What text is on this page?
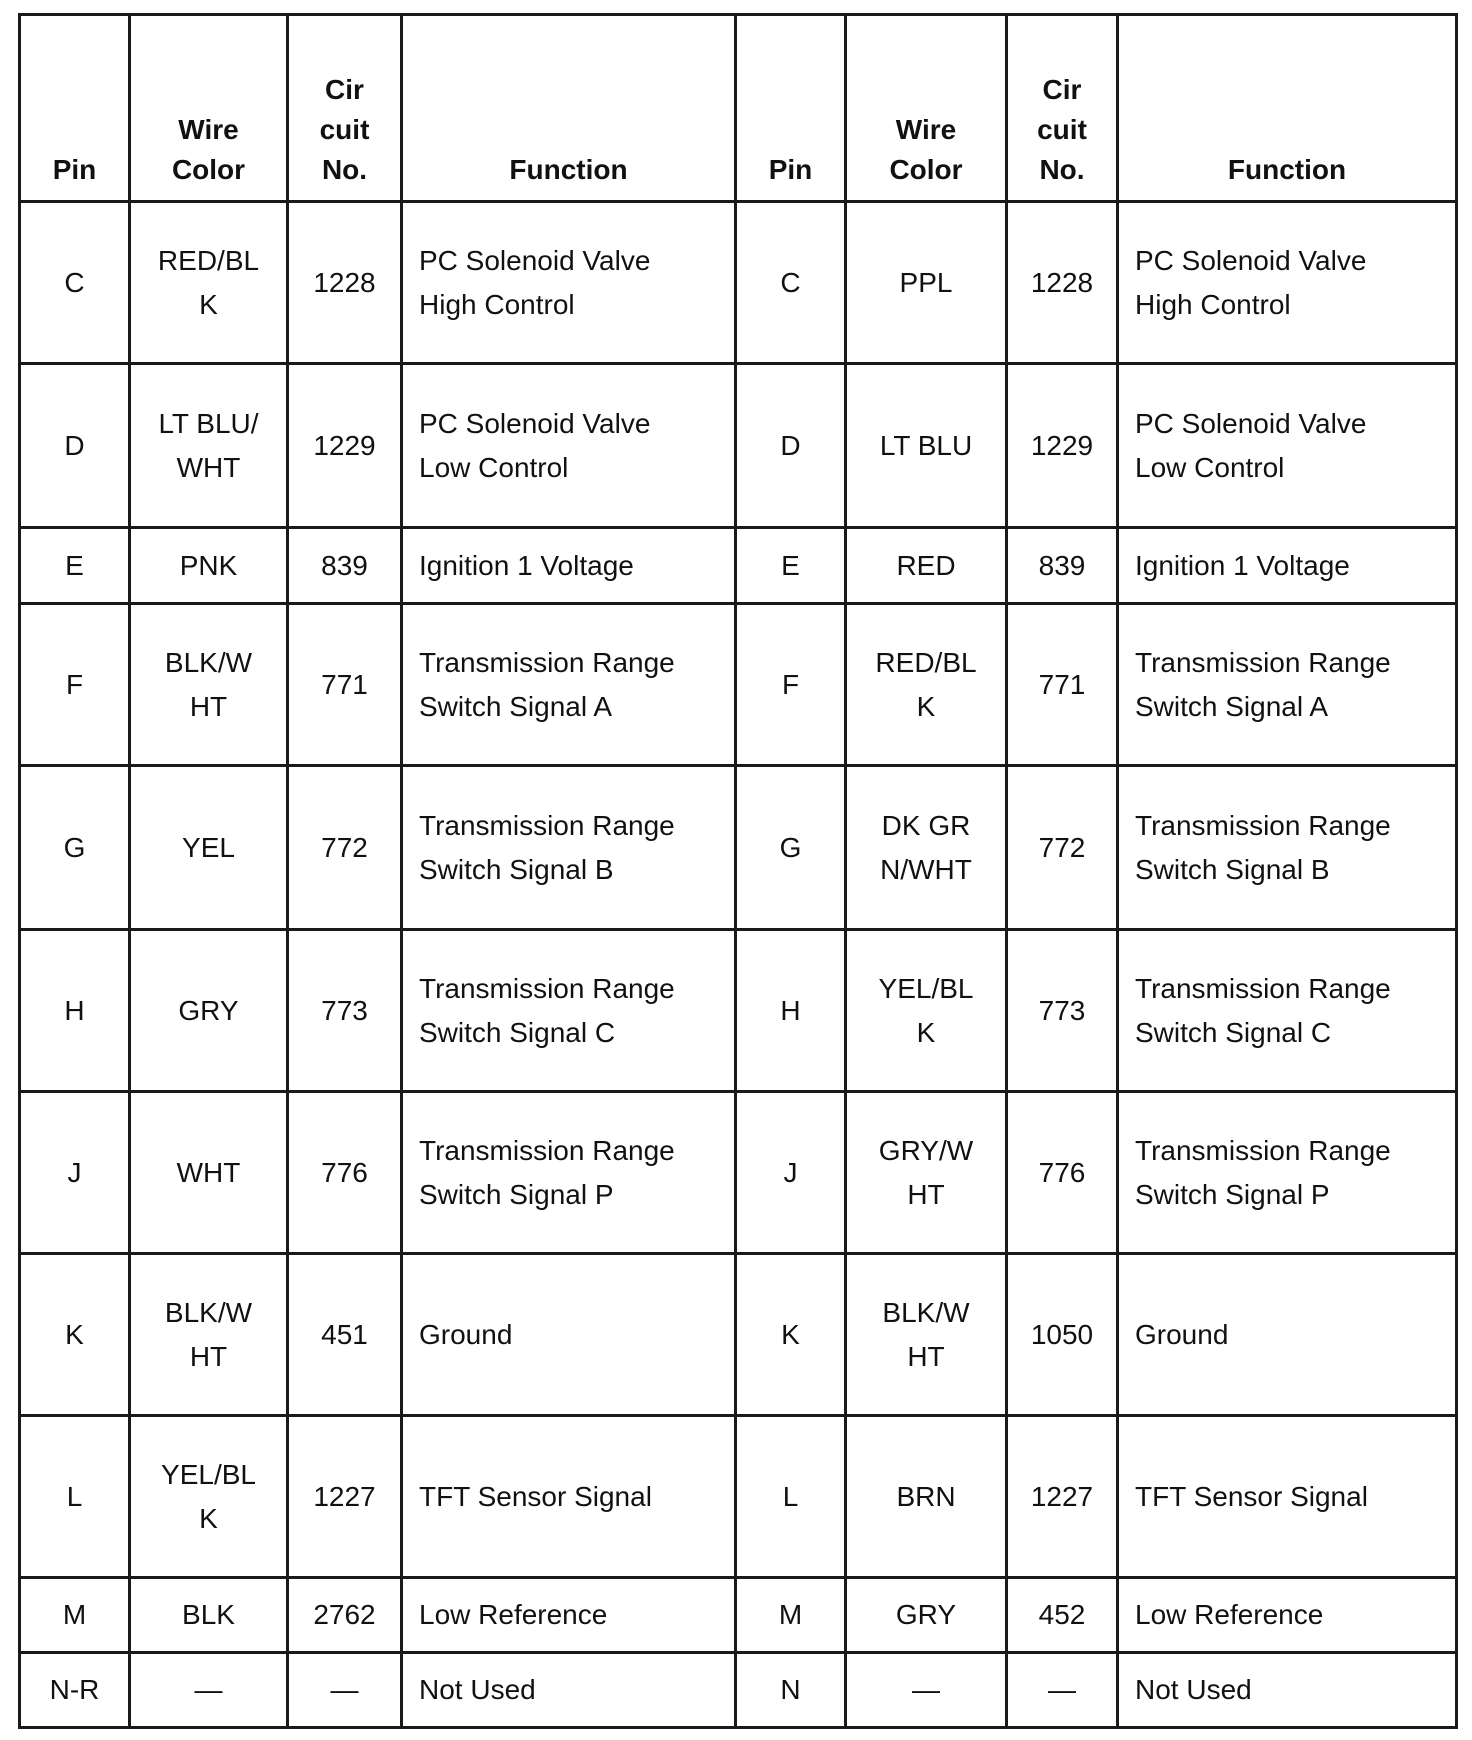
Pin	Wire Color	Cir cuit No.	Function	Pin	Wire Color	Cir cuit No.	Function
C	RED/BLK	1228	PC Solenoid Valve High Control	C	PPL	1228	PC Solenoid Valve High Control

D	LT BLU/WHT	1229	PC Solenoid Valve Low Control	D	LT BLU	1229	PC Solenoid Valve Low Control

E	PNK	839	Ignition 1 Voltage	E	RED	839	Ignition 1 Voltage

F	BLK/WHT	771	Transmission Range Switch Signal A	F	RED/BLK	771	Transmission Range Switch Signal A

G	YEL	772	Transmission Range Switch Signal B	G	DK GRN/WHT	772	Transmission Range Switch Signal B

H	GRY	773	Transmission Range Switch Signal C	H	YEL/BLK	773	Transmission Range Switch Signal C

J	WHT	776	Transmission Range Switch Signal P	J	GRY/WHT	776	Transmission Range Switch Signal P

K	BLK/WHT	451	Ground	K	BLK/WHT	1050	Ground

L	YEL/BLK	1227	TFT Sensor Signal	L	BRN	1227	TFT Sensor Signal

M	BLK	2762	Low Reference	M	GRY	452	Low Reference

N-R	—	—	Not Used	N	—	—	Not Used
